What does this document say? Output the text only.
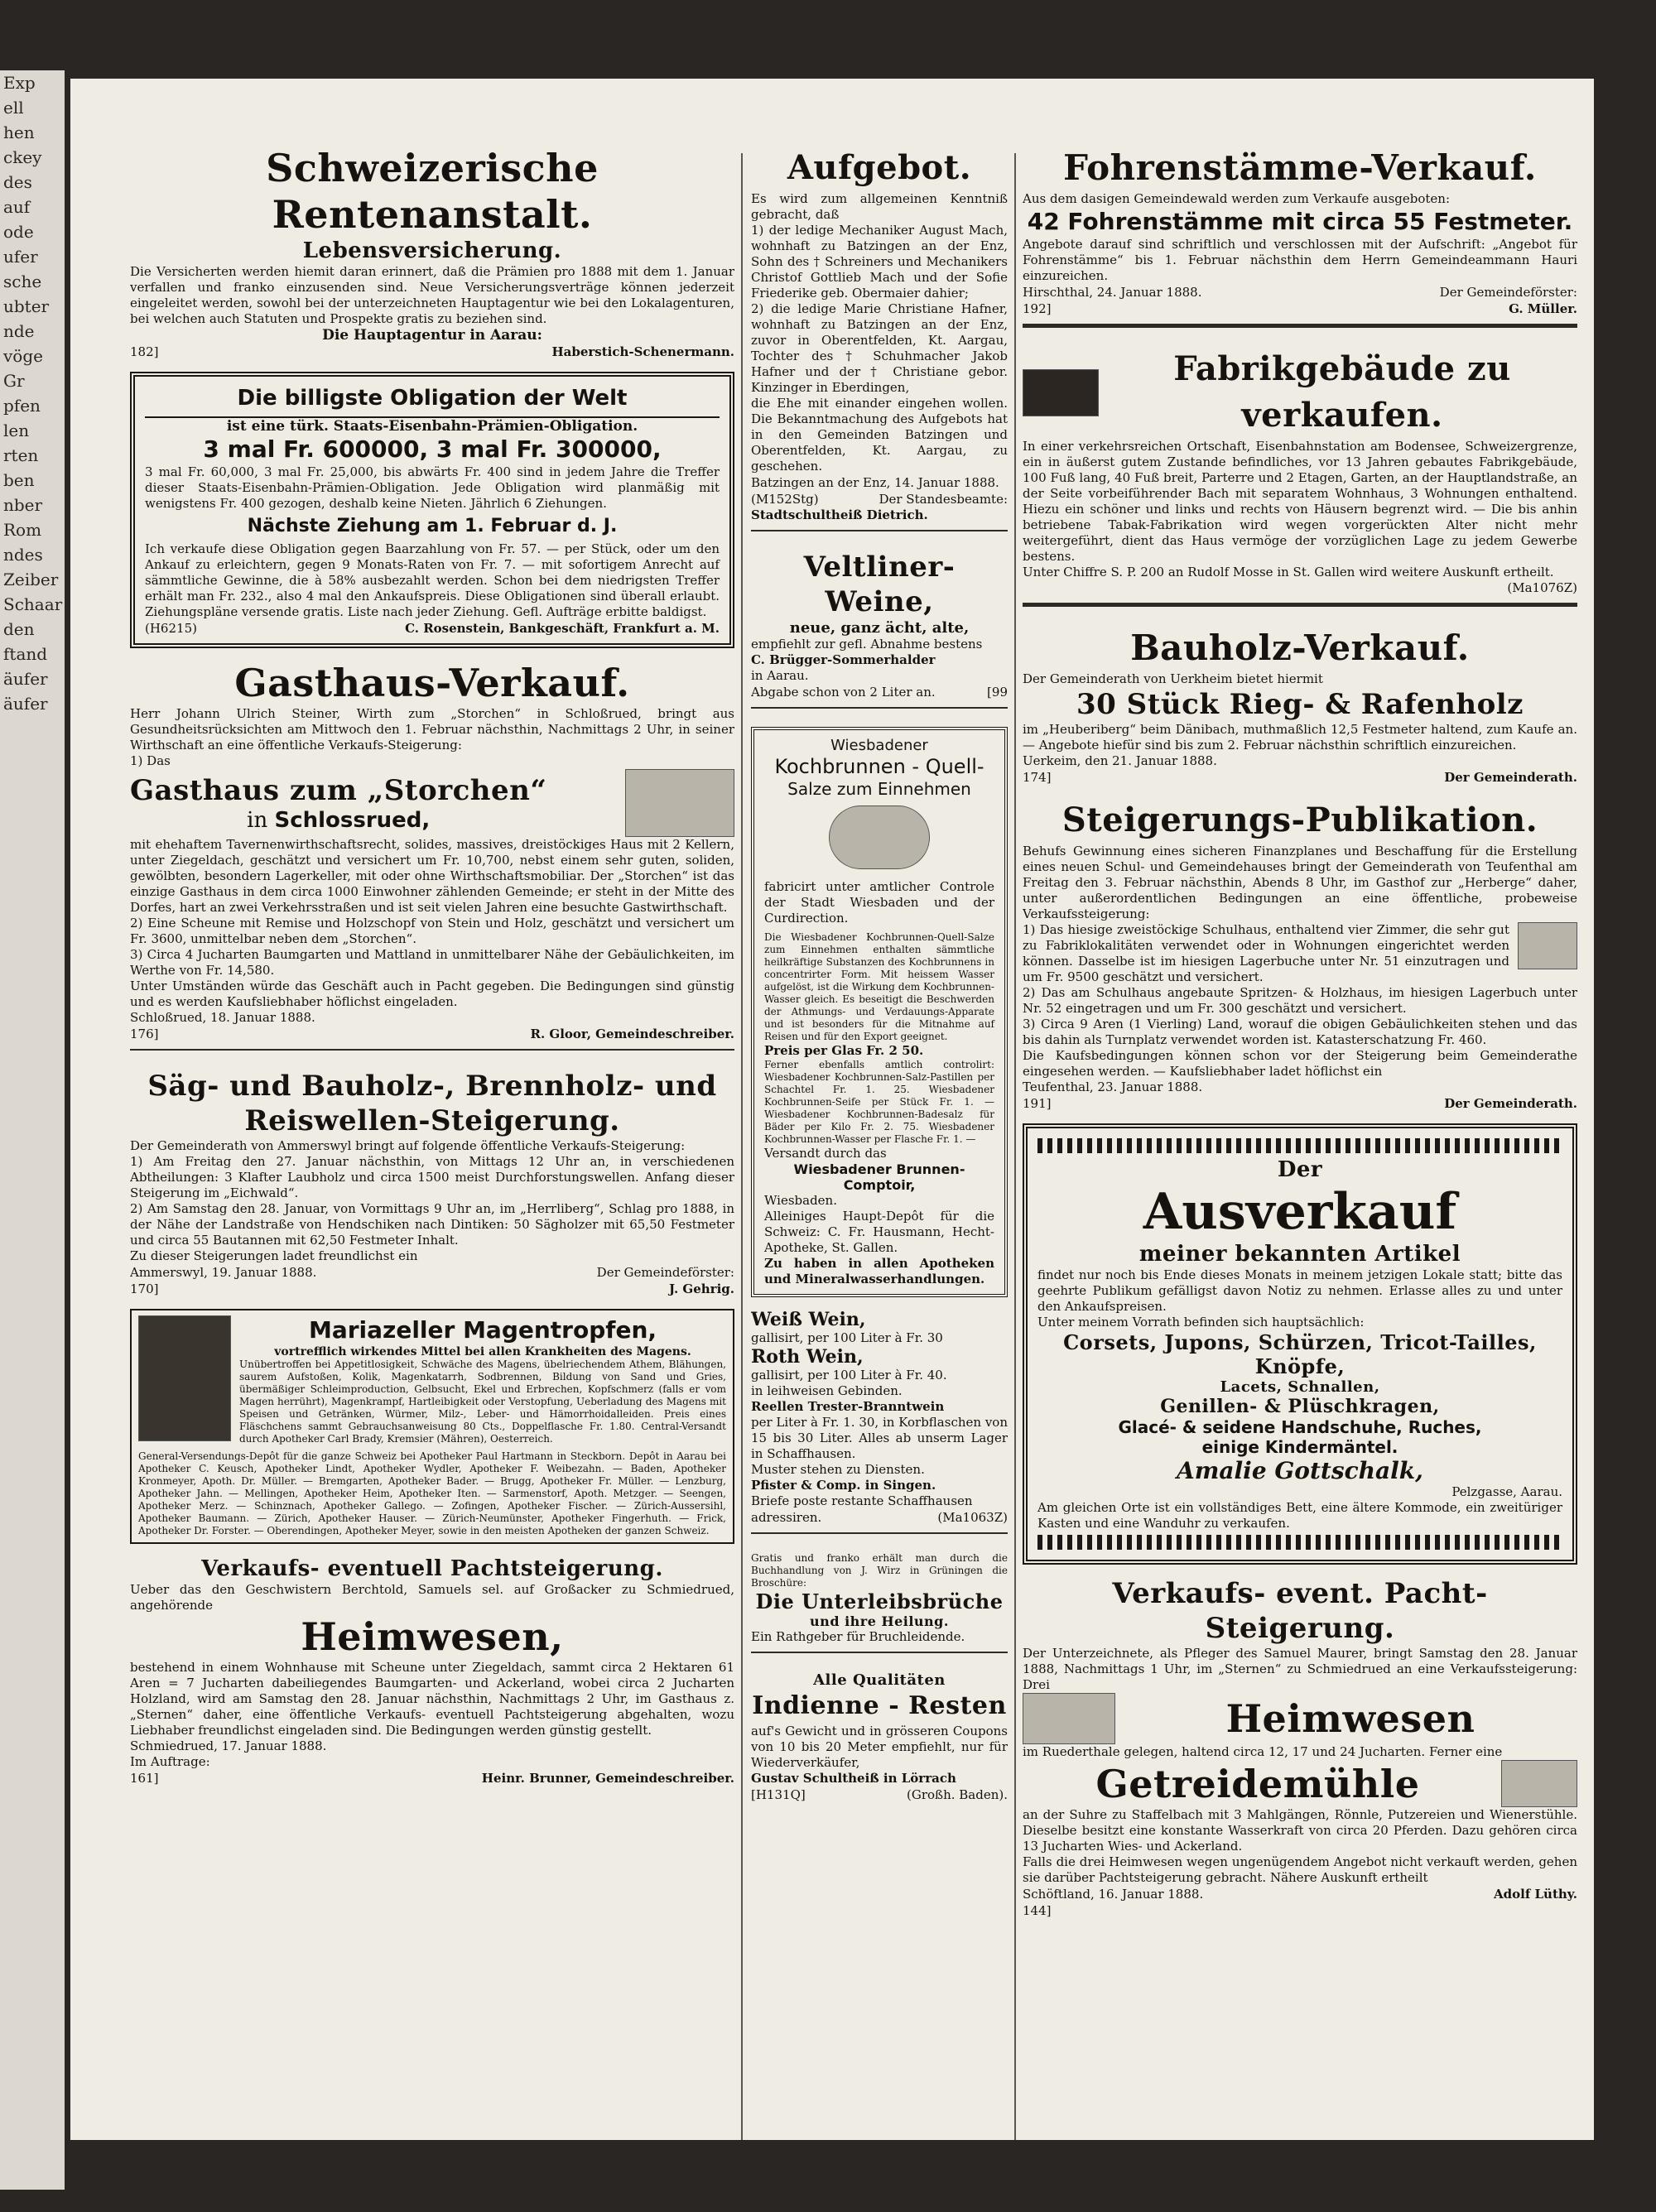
Exp
ell
hen
ckey
des
auf
ode
ufer
sche
ubter
nde
vöge
Gr
pfen
len
rten
ben
nber
Rom
ndes
Zeiber
Schaar
den
ftand
äufer
äufer
Schweizerische Rentenanstalt.
Lebensversicherung.
Die Versicherten werden hiemit daran erinnert, daß die Prämien pro 1888 mit dem 1. Januar verfallen und franko einzusenden sind. Neue Versicherungsverträge können jederzeit eingeleitet werden, sowohl bei der unterzeichneten Hauptagentur wie bei den Lokalagenturen, bei welchen auch Statuten und Prospekte gratis zu beziehen sind.
Die Hauptagentur in Aarau:
182]	Haberstich-Schenermann.
Die billigste Obligation der Welt
ist eine türk. Staats-Eisenbahn-Prämien-Obligation.
3 mal Fr. 600000, 3 mal Fr. 300000,
3 mal Fr. 60,000, 3 mal Fr. 25,000, bis abwärts Fr. 400 sind in jedem Jahre die Treffer dieser Staats-Eisenbahn-Prämien-Obligation. Jede Obligation wird planmäßig mit wenigstens Fr. 400 gezogen, deshalb keine Nieten. Jährlich 6 Ziehungen.
Nächste Ziehung am 1. Februar d. J.
Ich verkaufe diese Obligation gegen Baarzahlung von Fr. 57. — per Stück, oder um den Ankauf zu erleichtern, gegen 9 Monats-Raten von Fr. 7. — mit sofortigem Anrecht auf sämmtliche Gewinne, die à 58% ausbezahlt werden. Schon bei dem niedrigsten Treffer erhält man Fr. 232., also 4 mal den Ankaufspreis. Diese Obligationen sind überall erlaubt. Ziehungspläne versende gratis. Liste nach jeder Ziehung. Gefl. Aufträge erbitte baldigst.
(H6215)	C. Rosenstein, Bankgeschäft, Frankfurt a. M.
Gasthaus-Verkauf.
Herr Johann Ulrich Steiner, Wirth zum „Storchen“ in Schloßrued, bringt aus Gesundheitsrücksichten am Mittwoch den 1. Februar nächsthin, Nachmittags 2 Uhr, in seiner Wirthschaft an eine öffentliche Verkaufs-Steigerung:
1) Das
Gasthaus zum „Storchen“
in Schlossrued,
mit ehehaftem Tavernenwirthschaftsrecht, solides, massives, dreistöckiges Haus mit 2 Kellern, unter Ziegeldach, geschätzt und versichert um Fr. 10,700, nebst einem sehr guten, soliden, gewölbten, besondern Lagerkeller, mit oder ohne Wirthschaftsmobiliar. Der „Storchen“ ist das einzige Gasthaus in dem circa 1000 Einwohner zählenden Gemeinde; er steht in der Mitte des Dorfes, hart an zwei Verkehrsstraßen und ist seit vielen Jahren eine besuchte Gastwirthschaft.
2) Eine Scheune mit Remise und Holzschopf von Stein und Holz, geschätzt und versichert um Fr. 3600, unmittelbar neben dem „Storchen“.
3) Circa 4 Jucharten Baumgarten und Mattland in unmittelbarer Nähe der Gebäulichkeiten, im Werthe von Fr. 14,580.
Unter Umständen würde das Geschäft auch in Pacht gegeben. Die Bedingungen sind günstig und es werden Kaufsliebhaber höflichst eingeladen.
Schloßrued, 18. Januar 1888.
176]	R. Gloor, Gemeindeschreiber.
Säg- und Bauholz-, Brennholz- und
Reiswellen-Steigerung.
Der Gemeinderath von Ammerswyl bringt auf folgende öffentliche Verkaufs-Steigerung:
1) Am Freitag den 27. Januar nächsthin, von Mittags 12 Uhr an, in verschiedenen Abtheilungen: 3 Klafter Laubholz und circa 1500 meist Durchforstungswellen. Anfang dieser Steigerung im „Eichwald“.
2) Am Samstag den 28. Januar, von Vormittags 9 Uhr an, im „Herrliberg“, Schlag pro 1888, in der Nähe der Landstraße von Hendschiken nach Dintiken: 50 Sägholzer mit 65,50 Festmeter und circa 55 Bautannen mit 62,50 Festmeter Inhalt.
Zu dieser Steigerungen ladet freundlichst ein
Ammerswyl, 19. Januar 1888.	Der Gemeindeförster:
170]	J. Gehrig.
Mariazeller Magentropfen,
vortrefflich wirkendes Mittel bei allen Krankheiten des Magens.
Unübertroffen bei Appetitlosigkeit, Schwäche des Magens, übelriechendem Athem, Blähungen, saurem Aufstoßen, Kolik, Magenkatarrh, Sodbrennen, Bildung von Sand und Gries, übermäßiger Schleimproduction, Gelbsucht, Ekel und Erbrechen, Kopfschmerz (falls er vom Magen herrührt), Magenkrampf, Hartleibigkeit oder Verstopfung, Ueberladung des Magens mit Speisen und Getränken, Würmer, Milz-, Leber- und Hämorrhoidalleiden. Preis eines Fläschchens sammt Gebrauchsanweisung 80 Cts., Doppelflasche Fr. 1.80. Central-Versandt durch Apotheker Carl Brady, Kremsier (Mähren), Oesterreich.
General-Versendungs-Depôt für die ganze Schweiz bei Apotheker Paul Hartmann in Steckborn. Depôt in Aarau bei Apotheker C. Keusch, Apotheker Lindt, Apotheker Wydler, Apotheker F. Weibezahn. — Baden, Apotheker Kronmeyer, Apoth. Dr. Müller. — Bremgarten, Apotheker Bader. — Brugg, Apotheker Fr. Müller. — Lenzburg, Apotheker Jahn. — Mellingen, Apotheker Heim, Apotheker Iten. — Sarmenstorf, Apoth. Metzger. — Seengen, Apotheker Merz. — Schinznach, Apotheker Gallego. — Zofingen, Apotheker Fischer. — Zürich-Aussersihl, Apotheker Baumann. — Zürich, Apotheker Hauser. — Zürich-Neumünster, Apotheker Fingerhuth. — Frick, Apotheker Dr. Forster. — Oberendingen, Apotheker Meyer, sowie in den meisten Apotheken der ganzen Schweiz.
Verkaufs- eventuell Pachtsteigerung.
Ueber das den Geschwistern Berchtold, Samuels sel. auf Großacker zu Schmiedrued, angehörende
Heimwesen,
bestehend in einem Wohnhause mit Scheune unter Ziegeldach, sammt circa 2 Hektaren 61 Aren = 7 Jucharten dabeiliegendes Baumgarten- und Ackerland, wobei circa 2 Jucharten Holzland, wird am Samstag den 28. Januar nächsthin, Nachmittags 2 Uhr, im Gasthaus z. „Sternen“ daher, eine öffentliche Verkaufs- eventuell Pachtsteigerung abgehalten, wozu Liebhaber freundlichst eingeladen sind. Die Bedingungen werden günstig gestellt.
Schmiedrued, 17. Januar 1888.
Im Auftrage:
161]	Heinr. Brunner, Gemeindeschreiber.
Aufgebot.
Es wird zum allgemeinen Kenntniß gebracht, daß
1) der ledige Mechaniker August Mach, wohnhaft zu Batzingen an der Enz, Sohn des † Schreiners und Mechanikers Christof Gottlieb Mach und der Sofie Friederike geb. Obermaier dahier;
2) die ledige Marie Christiane Hafner, wohnhaft zu Batzingen an der Enz, zuvor in Oberentfelden, Kt. Aargau, Tochter des † Schuhmacher Jakob Hafner und der † Christiane gebor. Kinzinger in Eberdingen,
die Ehe mit einander eingehen wollen. Die Bekanntmachung des Aufgebots hat in den Gemeinden Batzingen und Oberentfelden, Kt. Aargau, zu geschehen.
Batzingen an der Enz, 14. Januar 1888.
(M152Stg)	Der Standesbeamte:
Stadtschultheiß Dietrich.
Veltliner-Weine,
neue, ganz ächt, alte,
empfiehlt zur gefl. Abnahme bestens
C. Brügger-Sommerhalder
in Aarau.
Abgabe schon von 2 Liter an.	[99
Wiesbadener
Kochbrunnen - Quell-
Salze zum Einnehmen
fabricirt unter amtlicher Controle der Stadt Wiesbaden und der Curdirection.
Die Wiesbadener Kochbrunnen-Quell-Salze zum Einnehmen enthalten sämmtliche heilkräftige Substanzen des Kochbrunnens in concentrirter Form. Mit heissem Wasser aufgelöst, ist die Wirkung dem Kochbrunnen-Wasser gleich. Es beseitigt die Beschwerden der Athmungs- und Verdauungs-Apparate und ist besonders für die Mitnahme auf Reisen und für den Export geeignet.
Preis per Glas Fr. 2 50.
Ferner ebenfalls amtlich controlirt: Wiesbadener Kochbrunnen-Salz-Pastillen per Schachtel Fr. 1. 25. Wiesbadener Kochbrunnen-Seife per Stück Fr. 1. — Wiesbadener Kochbrunnen-Badesalz für Bäder per Kilo Fr. 2. 75. Wiesbadener Kochbrunnen-Wasser per Flasche Fr. 1. —
Versandt durch das
Wiesbadener Brunnen-Comptoir,
Wiesbaden.
Alleiniges Haupt-Depôt für die Schweiz: C. Fr. Hausmann, Hecht-Apotheke, St. Gallen.
Zu haben in allen Apotheken und Mineralwasserhandlungen.
Weiß Wein,
gallisirt, per 100 Liter à Fr. 30
Roth Wein,
gallisirt, per 100 Liter à Fr. 40.
in leihweisen Gebinden.
Reellen Trester-Branntwein
per Liter à Fr. 1. 30, in Korbflaschen von 15 bis 30 Liter. Alles ab unserm Lager in Schaffhausen.
Muster stehen zu Diensten.
Pfister & Comp. in Singen.
Briefe poste restante Schaffhausen
adressiren.	(Ma1063Z)
Gratis und franko erhält man durch die Buchhandlung von J. Wirz in Grüningen die Broschüre:
Die Unterleibsbrüche
und ihre Heilung.
Ein Rathgeber für Bruchleidende.
Alle Qualitäten
Indienne - Resten
auf's Gewicht und in grösseren Coupons von 10 bis 20 Meter empfiehlt, nur für Wiederverkäufer,
Gustav Schultheiß in Lörrach
[H131Q]	(Großh. Baden).
Fohrenstämme-Verkauf.
Aus dem dasigen Gemeindewald werden zum Verkaufe ausgeboten:
42 Fohrenstämme mit circa 55 Festmeter.
Angebote darauf sind schriftlich und verschlossen mit der Aufschrift: „Angebot für Fohrenstämme“ bis 1. Februar nächsthin dem Herrn Gemeindeammann Hauri einzureichen.
Hirschthal, 24. Januar 1888.	Der Gemeindeförster:
192]	G. Müller.
Fabrikgebäude zu verkaufen.
In einer verkehrsreichen Ortschaft, Eisenbahnstation am Bodensee, Schweizergrenze, ein in äußerst gutem Zustande befindliches, vor 13 Jahren gebautes Fabrikgebäude, 100 Fuß lang, 40 Fuß breit, Parterre und 2 Etagen, Garten, an der Hauptlandstraße, an der Seite vorbeiführender Bach mit separatem Wohnhaus, 3 Wohnungen enthaltend. Hiezu ein schöner und links und rechts von Häusern begrenzt wird. — Die bis anhin betriebene Tabak-Fabrikation wird wegen vorgerückten Alter nicht mehr weitergeführt, dient das Haus vermöge der vorzüglichen Lage zu jedem Gewerbe bestens.
Unter Chiffre S. P. 200 an Rudolf Mosse in St. Gallen wird weitere Auskunft ertheilt.
(Ma1076Z)
Bauholz-Verkauf.
Der Gemeinderath von Uerkheim bietet hiermit
30 Stück Rieg- & Rafenholz
im „Heuberiberg“ beim Dänibach, muthmaßlich 12,5 Festmeter haltend, zum Kaufe an. — Angebote hiefür sind bis zum 2. Februar nächsthin schriftlich einzureichen.
Uerkeim, den 21. Januar 1888.
174]	Der Gemeinderath.
Steigerungs-Publikation.
Behufs Gewinnung eines sicheren Finanzplanes und Beschaffung für die Erstellung eines neuen Schul- und Gemeindehauses bringt der Gemeinderath von Teufenthal am Freitag den 3. Februar nächsthin, Abends 8 Uhr, im Gasthof zur „Herberge“ daher, unter außerordentlichen Bedingungen an eine öffentliche, probeweise Verkaufssteigerung:
1) Das hiesige zweistöckige Schulhaus, enthaltend vier Zimmer, die sehr gut zu Fabriklokalitäten verwendet oder in Wohnungen eingerichtet werden können. Dasselbe ist im hiesigen Lagerbuche unter Nr. 51 einzutragen und um Fr. 9500 geschätzt und versichert.
2) Das am Schulhaus angebaute Spritzen- & Holzhaus, im hiesigen Lagerbuch unter Nr. 52 eingetragen und um Fr. 300 geschätzt und versichert.
3) Circa 9 Aren (1 Vierling) Land, worauf die obigen Gebäulichkeiten stehen und das bis dahin als Turnplatz verwendet worden ist. Katasterschatzung Fr. 460.
Die Kaufsbedingungen können schon vor der Steigerung beim Gemeinderathe eingesehen werden. — Kaufsliebhaber ladet höflichst ein
Teufenthal, 23. Januar 1888.
191]	Der Gemeinderath.
Der
Ausverkauf
meiner bekannten Artikel
findet nur noch bis Ende dieses Monats in meinem jetzigen Lokale statt; bitte das geehrte Publikum gefälligst davon Notiz zu nehmen. Erlasse alles zu und unter den Ankaufspreisen.
Unter meinem Vorrath befinden sich hauptsächlich:
Corsets, Jupons, Schürzen, Tricot-Tailles, Knöpfe,
Lacets, Schnallen,
Genillen- & Plüschkragen,
Glacé- & seidene Handschuhe, Ruches,
einige Kindermäntel.
Amalie Gottschalk,
Pelzgasse, Aarau.
Am gleichen Orte ist ein vollständiges Bett, eine ältere Kommode, ein zweitüriger Kasten und eine Wanduhr zu verkaufen.
Verkaufs- event. Pacht-Steigerung.
Der Unterzeichnete, als Pfleger des Samuel Maurer, bringt Samstag den 28. Januar 1888, Nachmittags 1 Uhr, im „Sternen“ zu Schmiedrued an eine Verkaufssteigerung: Drei
Heimwesen
im Ruederthale gelegen, haltend circa 12, 17 und 24 Jucharten. Ferner eine
Getreidemühle
an der Suhre zu Staffelbach mit 3 Mahlgängen, Rönnle, Putzereien und Wienerstühle. Dieselbe besitzt eine konstante Wasserkraft von circa 20 Pferden. Dazu gehören circa 13 Jucharten Wies- und Ackerland.
Falls die drei Heimwesen wegen ungenügendem Angebot nicht verkauft werden, gehen sie darüber Pachtsteigerung gebracht. Nähere Auskunft ertheilt
Schöftland, 16. Januar 1888.	Adolf Lüthy.
144]
